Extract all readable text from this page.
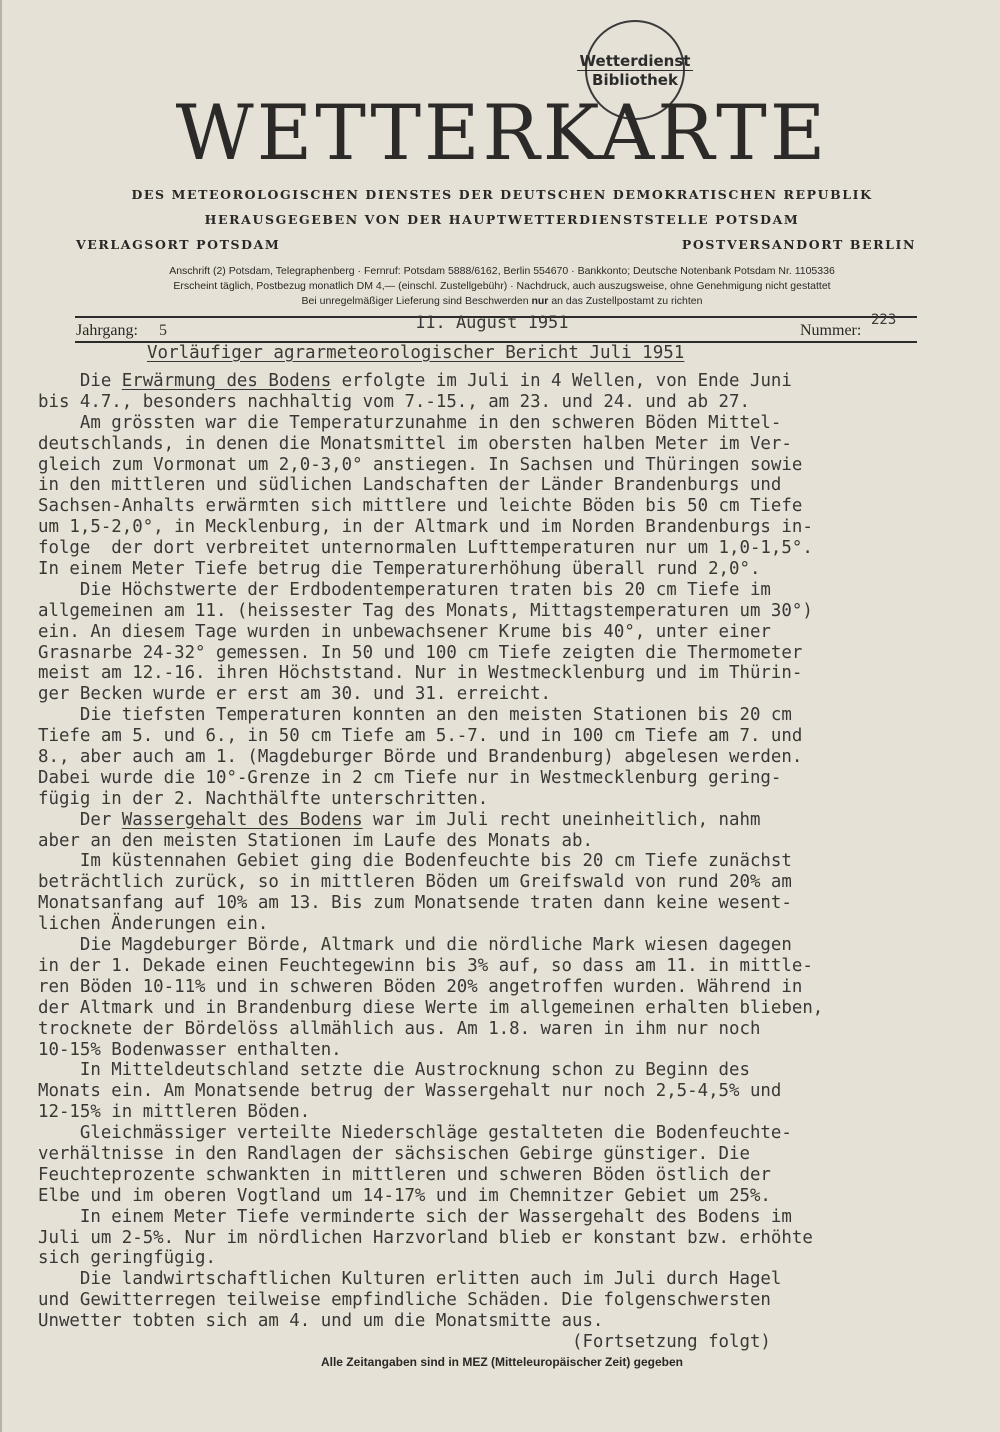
Wetterdienst
Bibliothek
WETTERKARTE
DES METEOROLOGISCHEN DIENSTES DER DEUTSCHEN DEMOKRATISCHEN REPUBLIK
HERAUSGEGEBEN VON DER HAUPTWETTERDIENSTSTELLE POTSDAM
VERLAGSORT POTSDAM	POSTVERSANDORT BERLIN
Anschrift (2) Potsdam, Telegraphenberg · Fernruf: Potsdam 5888/6162, Berlin 554670 · Bankkonto; Deutsche Notenbank Potsdam Nr. 1105336
Erscheint täglich, Postbezug monatlich DM 4,— (einschl. Zustellgebühr) · Nachdruck, auch auszugsweise, ohne Genehmigung nicht gestattet
Bei unregelmäßiger Lieferung sind Beschwerden nur an das Zustellpostamt zu richten
Jahrgang: 5	11. August 1951	Nummer:
223
Vorläufiger agrarmeteorologischer Bericht Juli 1951
Die Erwärmung des Bodens erfolgte im Juli in 4 Wellen, von Ende Juni
bis 4.7., besonders nachhaltig vom 7.-15., am 23. und 24. und ab 27.
Am grössten war die Temperaturzunahme in den schweren Böden Mittel-
deutschlands, in denen die Monatsmittel im obersten halben Meter im Ver-
gleich zum Vormonat um 2,0-3,0° anstiegen. In Sachsen und Thüringen sowie
in den mittleren und südlichen Landschaften der Länder Brandenburgs und
Sachsen-Anhalts erwärmten sich mittlere und leichte Böden bis 50 cm Tiefe
um 1,5-2,0°, in Mecklenburg, in der Altmark und im Norden Brandenburgs in-
folge  der dort verbreitet unternormalen Lufttemperaturen nur um 1,0-1,5°.
In einem Meter Tiefe betrug die Temperaturerhöhung überall rund 2,0°.
Die Höchstwerte der Erdbodentemperaturen traten bis 20 cm Tiefe im
allgemeinen am 11. (heissester Tag des Monats, Mittagstemperaturen um 30°)
ein. An diesem Tage wurden in unbewachsener Krume bis 40°, unter einer
Grasnarbe 24-32° gemessen. In 50 und 100 cm Tiefe zeigten die Thermometer
meist am 12.-16. ihren Höchststand. Nur in Westmecklenburg und im Thürin-
ger Becken wurde er erst am 30. und 31. erreicht.
Die tiefsten Temperaturen konnten an den meisten Stationen bis 20 cm
Tiefe am 5. und 6., in 50 cm Tiefe am 5.-7. und in 100 cm Tiefe am 7. und
8., aber auch am 1. (Magdeburger Börde und Brandenburg) abgelesen werden.
Dabei wurde die 10°-Grenze in 2 cm Tiefe nur in Westmecklenburg gering-
fügig in der 2. Nachthälfte unterschritten.
Der Wassergehalt des Bodens war im Juli recht uneinheitlich, nahm
aber an den meisten Stationen im Laufe des Monats ab.
Im küstennahen Gebiet ging die Bodenfeuchte bis 20 cm Tiefe zunächst
beträchtlich zurück, so in mittleren Böden um Greifswald von rund 20% am
Monatsanfang auf 10% am 13. Bis zum Monatsende traten dann keine wesent-
lichen Änderungen ein.
Die Magdeburger Börde, Altmark und die nördliche Mark wiesen dagegen
in der 1. Dekade einen Feuchtegewinn bis 3% auf, so dass am 11. in mittle-
ren Böden 10-11% und in schweren Böden 20% angetroffen wurden. Während in
der Altmark und in Brandenburg diese Werte im allgemeinen erhalten blieben,
trocknete der Bördelöss allmählich aus. Am 1.8. waren in ihm nur noch
10-15% Bodenwasser enthalten.
In Mitteldeutschland setzte die Austrocknung schon zu Beginn des
Monats ein. Am Monatsende betrug der Wassergehalt nur noch 2,5-4,5% und
12-15% in mittleren Böden.
Gleichmässiger verteilte Niederschläge gestalteten die Bodenfeuchte-
verhältnisse in den Randlagen der sächsischen Gebirge günstiger. Die
Feuchteprozente schwankten in mittleren und schweren Böden östlich der
Elbe und im oberen Vogtland um 14-17% und im Chemnitzer Gebiet um 25%.
In einem Meter Tiefe verminderte sich der Wassergehalt des Bodens im
Juli um 2-5%. Nur im nördlichen Harzvorland blieb er konstant bzw. erhöhte
sich geringfügig.
Die landwirtschaftlichen Kulturen erlitten auch im Juli durch Hagel
und Gewitterregen teilweise empfindliche Schäden. Die folgenschwersten
Unwetter tobten sich am 4. und um die Monatsmitte aus.
(Fortsetzung folgt)
Alle Zeitangaben sind in MEZ (Mitteleuropäischer Zeit) gegeben
